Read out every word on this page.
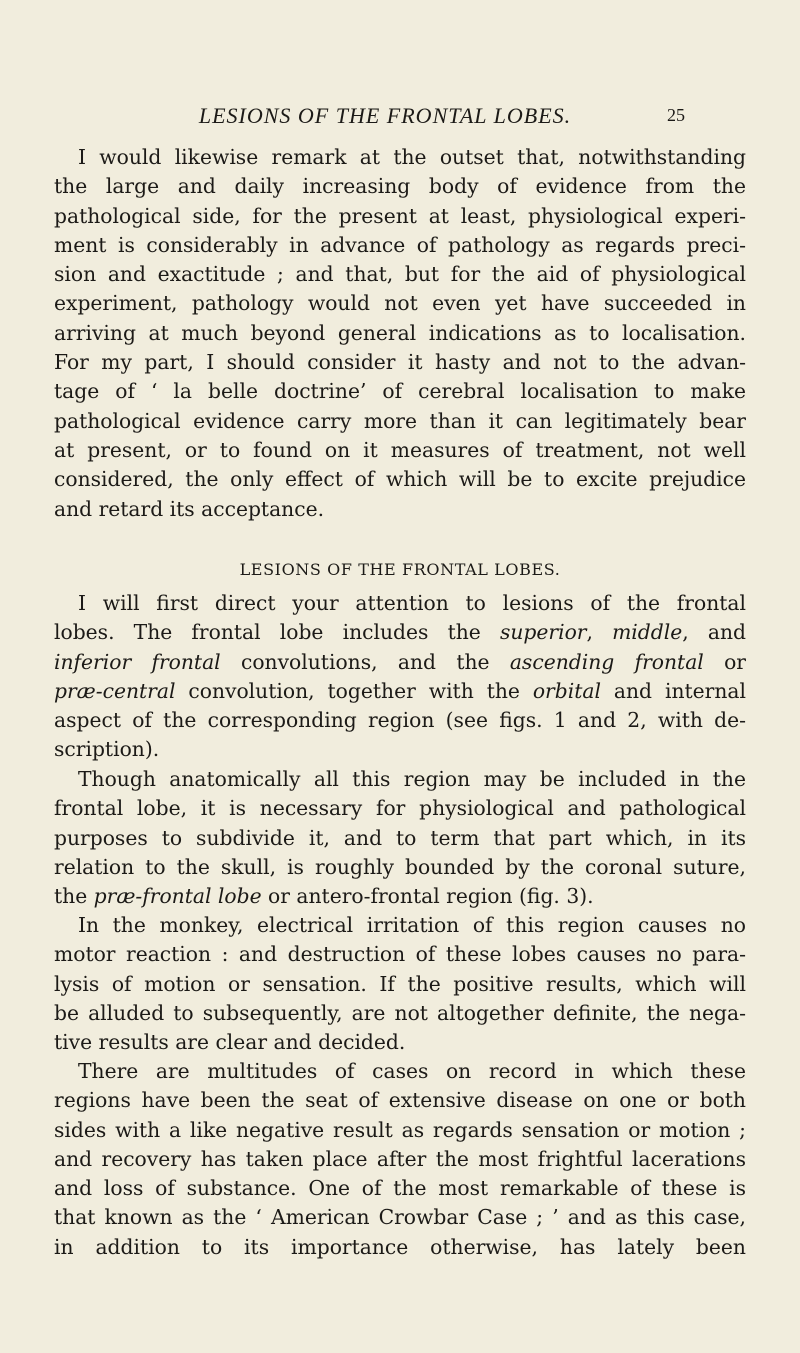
LESIONS OF THE FRONTAL LOBES.	25
I would likewise remark at the outset that, notwithstanding
the large and daily increasing body of evidence from the
pathological side, for the present at least, physiological experi-
ment is considerably in advance of pathology as regards preci-
sion and exactitude ; and that, but for the aid of physiological
experiment, pathology would not even yet have succeeded in
arriving at much beyond general indications as to localisation.
For my part, I should consider it hasty and not to the advan-
tage of ‘ la belle doctrine’ of cerebral localisation to make
pathological evidence carry more than it can legitimately bear
at present, or to found on it measures of treatment, not well
considered, the only effect of which will be to excite prejudice
and retard its acceptance.
LESIONS OF THE FRONTAL LOBES.
I will first direct your attention to lesions of the frontal
lobes. The frontal lobe includes the superior, middle, and
inferior frontal convolutions, and the ascending frontal or
præ-central convolution, together with the orbital and internal
aspect of the corresponding region (see figs. 1 and 2, with de-
scription).
Though anatomically all this region may be included in the
frontal lobe, it is necessary for physiological and pathological
purposes to subdivide it, and to term that part which, in its
relation to the skull, is roughly bounded by the coronal suture,
the præ-frontal lobe or antero-frontal region (fig. 3).
In the monkey, electrical irritation of this region causes no
motor reaction : and destruction of these lobes causes no para-
lysis of motion or sensation. If the positive results, which will
be alluded to subsequently, are not altogether definite, the nega-
tive results are clear and decided.
There are multitudes of cases on record in which these
regions have been the seat of extensive disease on one or both
sides with a like negative result as regards sensation or motion ;
and recovery has taken place after the most frightful lacerations
and loss of substance. One of the most remarkable of these is
that known as the ‘ American Crowbar Case ; ’ and as this case,
in addition to its importance otherwise, has lately been
